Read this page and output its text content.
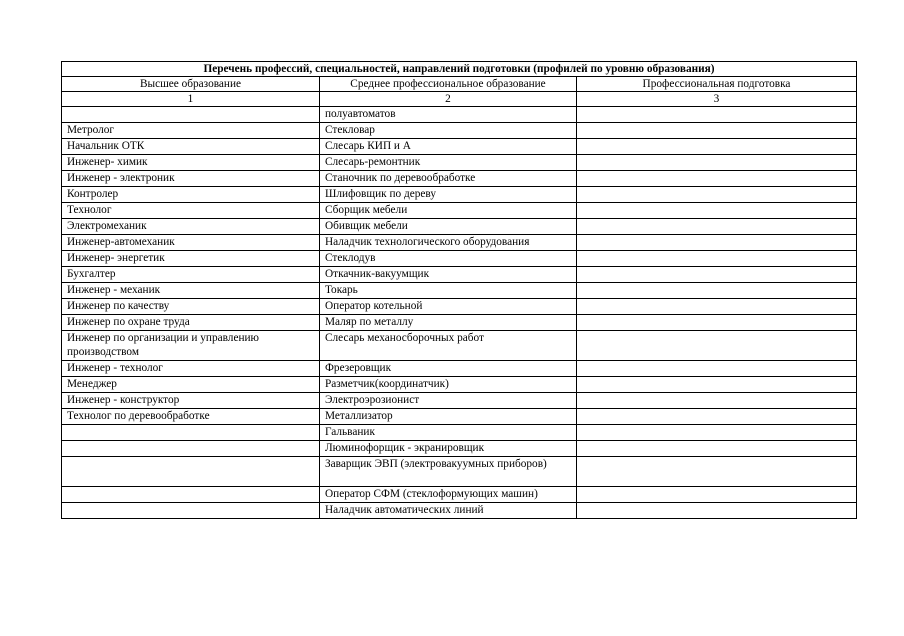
Перечень профессий, специальностей, направлений подготовки (профилей по уровню образования)		
Высшее образование	Среднее профессиональное образование	Профессиональная подготовка
1	2	3
	полуавтоматов	
Метролог	Стекловар	
Начальник ОТК	Слесарь КИП и А	
Инженер- химик	Слесарь-ремонтник	
Инженер - электроник	Станочник по деревообработке	
Контролер	Шлифовщик по дереву	
Технолог	Сборщик мебели	
Электромеханик	Обивщик мебели	
Инженер-автомеханик	Наладчик технологического оборудования	
Инженер- энергетик	Стеклодув	
Бухгалтер	Откачник-вакуумщик	
Инженер - механик	Токарь	
Инженер по качеству	Оператор котельной	
Инженер по охране труда	Маляр по металлу	
Инженер по организации и управлению производством	Слесарь механосборочных работ	
Инженер - технолог	Фрезеровщик	
Менеджер	Разметчик(координатчик)	
Инженер - конструктор	Электроэрозионист	
Технолог по деревообработке	Металлизатор	
	Гальваник	
	Люминофорщик - экранировщик	
	Заварщик ЭВП (электровакуумных приборов)	
	Оператор СФМ (стеклоформующих машин)	
	Наладчик автоматических линий	
